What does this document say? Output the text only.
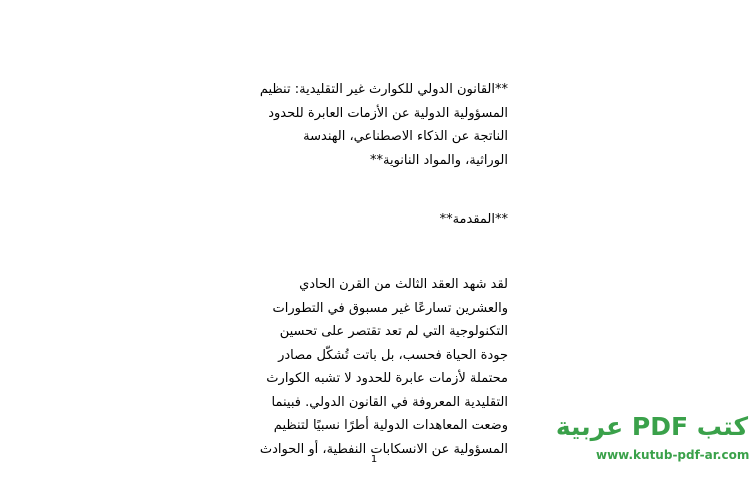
**القانون الدولي للكوارث غير التقليدية: تنظيم
المسؤولية الدولية عن الأزمات العابرة للحدود
الناتجة عن الذكاء الاصطناعي، الهندسة
الوراثية، والمواد النانوية**
**المقدمة**
لقد شهد العقد الثالث من القرن الحادي
والعشرين تسارعًا غير مسبوق في التطورات
التكنولوجية التي لم تعد تقتصر على تحسين
جودة الحياة فحسب، بل باتت تُشكّل مصادر
محتملة لأزمات عابرة للحدود لا تشبه الكوارث
التقليدية المعروفة في القانون الدولي. فبينما
وضعت المعاهدات الدولية أطرًا نسبيًا لتنظيم
المسؤولية عن الانسكابات النفطية، أو الحوادث
1
كتب PDF عربية
www.kutub-pdf-ar.com
